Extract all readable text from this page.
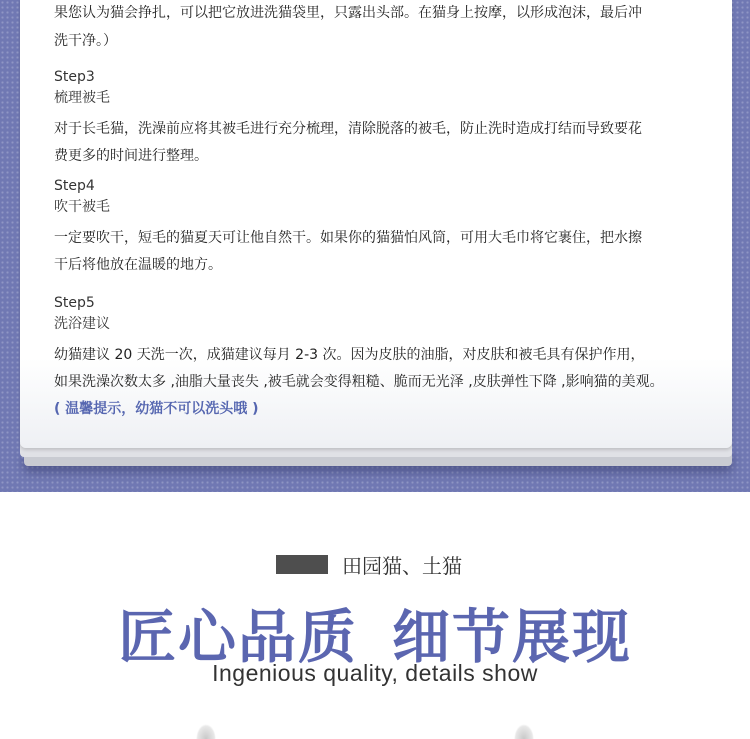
果您认为猫会挣扎，可以把它放进洗猫袋里，只露出头部。在猫身上按摩，以形成泡沫，最后冲
洗干净。）
Step3
梳理被毛
对于长毛猫，洗澡前应将其被毛进行充分梳理，清除脱落的被毛，防止洗时造成打结而导致要花
费更多的时间进行整理。
Step4
吹干被毛
一定要吹干，短毛的猫夏天可让他自然干。如果你的猫猫怕风筒，可用大毛巾将它裹住，把水擦
干后将他放在温暖的地方。
Step5
洗浴建议
幼猫建议 20 天洗一次，成猫建议每月 2-3 次。因为皮肤的油脂，对皮肤和被毛具有保护作用，
如果洗澡次数太多 ,油脂大量丧失 ,被毛就会变得粗糙、脆而无光泽 ,皮肤弹性下降 ,影响猫的美观。
( 温馨提示，幼猫不可以洗头哦 )
田园猫、土猫
匠心品质 细节展现
Ingenious quality, details show
